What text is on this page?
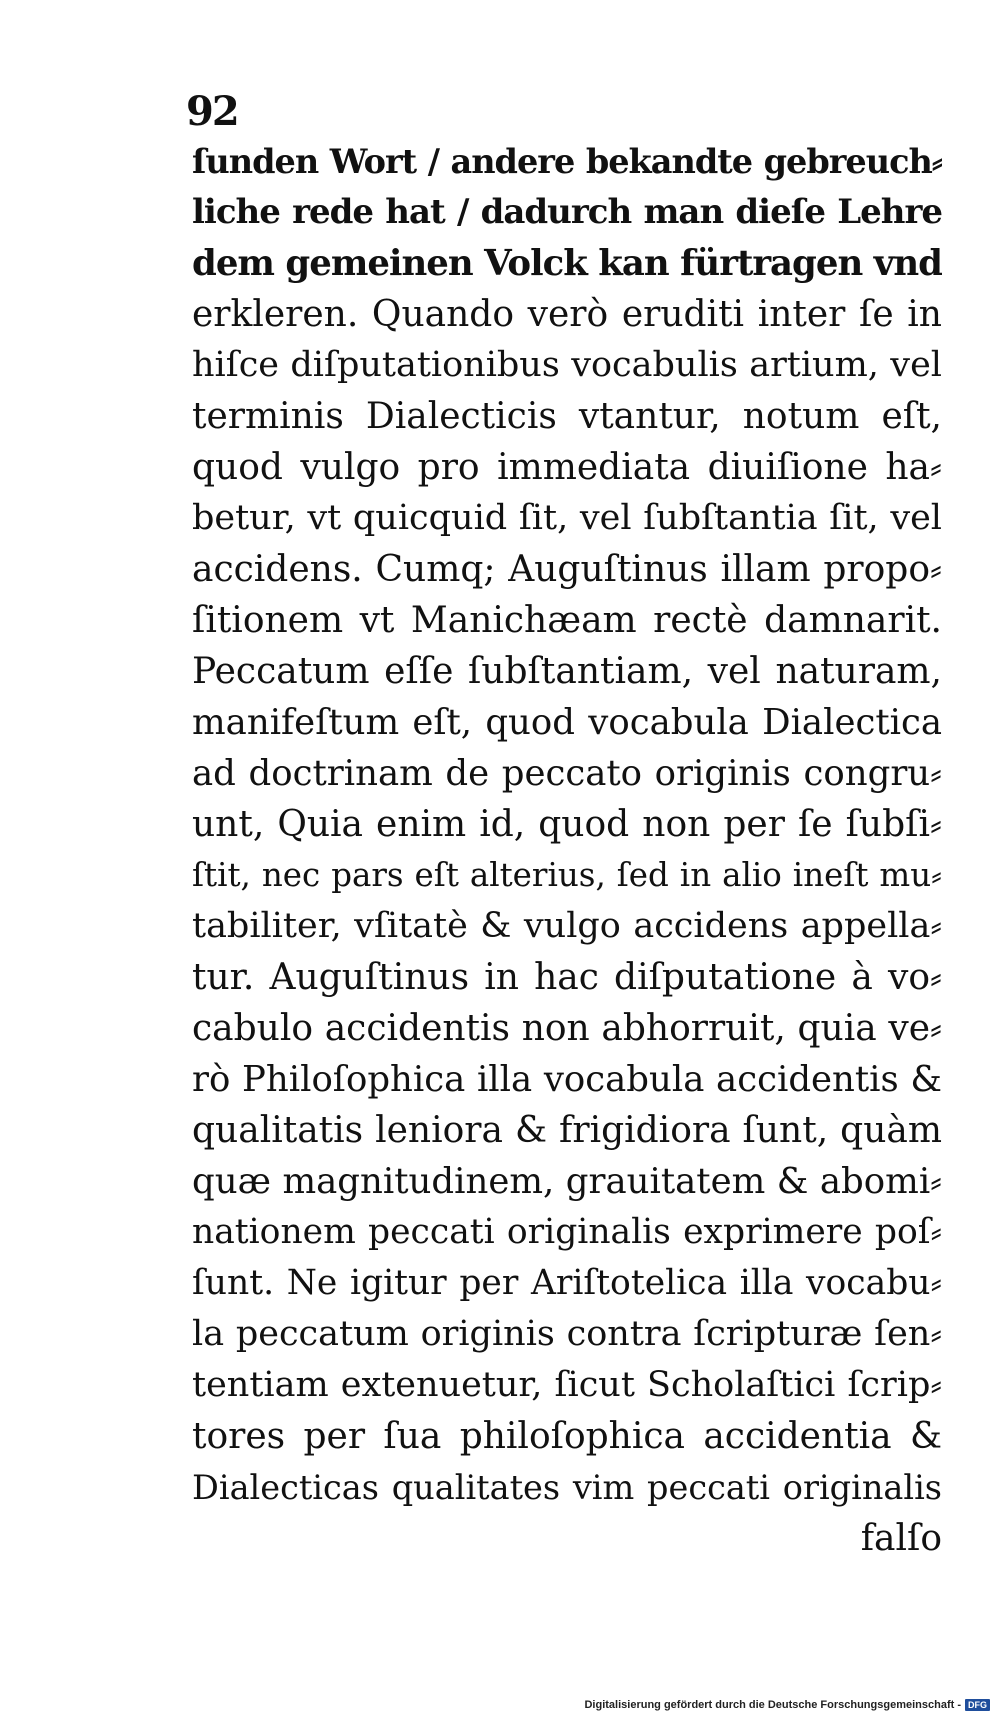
92
ſunden Wort / andere bekandte gebreuch⸗
liche rede hat / dadurch man dieſe Lehre
dem gemeinen Volck kan fürtragen vnd
erkleren. Quando verò eruditi inter ſe in
hiſce diſputationibus vocabulis artium, vel
terminis Dialecticis vtantur, notum eſt,
quod vulgo pro immediata diuiſione ha⸗
betur, vt quicquid ſit, vel ſubſtantia ſit, vel
accidens. Cumq; Auguſtinus illam propo⸗
ſitionem vt Manichæam rectè damnarit.
Peccatum eſſe ſubſtantiam, vel naturam,
manifeſtum eſt, quod vocabula Dialectica
ad doctrinam de peccato originis congru⸗
unt, Quia enim id, quod non per ſe ſubſi⸗
ſtit, nec pars eſt alterius, ſed in alio ineſt mu⸗
tabiliter, vſitatè & vulgo accidens appella⸗
tur. Auguſtinus in hac diſputatione à vo⸗
cabulo accidentis non abhorruit, quia ve⸗
rò Philoſophica illa vocabula accidentis &
qualitatis leniora & frigidiora ſunt, quàm
quæ magnitudinem, grauitatem & abomi⸗
nationem peccati originalis exprimere poſ⸗
ſunt. Ne igitur per Ariſtotelica illa vocabu⸗
la peccatum originis contra ſcripturæ ſen⸗
tentiam extenuetur, ſicut Scholaſtici ſcrip⸗
tores per ſua philoſophica accidentia &
Dialecticas qualitates vim peccati originalis
falſo
Digitalisierung gefördert durch die Deutsche Forschungsgemeinschaft - DFG
